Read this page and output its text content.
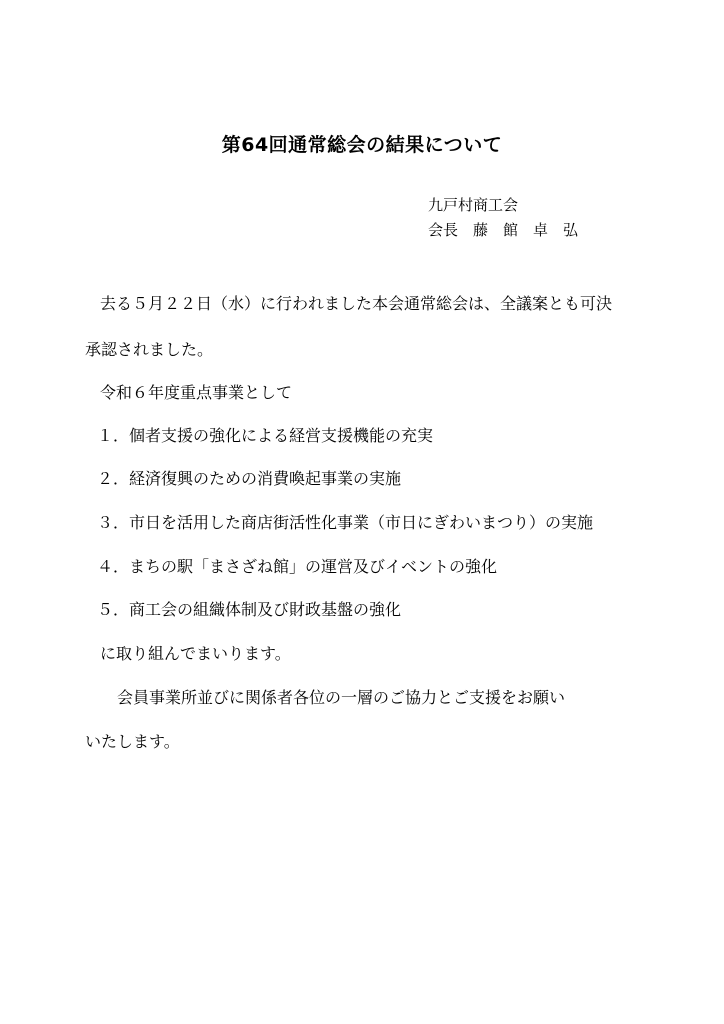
第64回通常総会の結果について
九戸村商工会
会長　藤　館　卓　弘
去る５月２２日（水）に行われました本会通常総会は、全議案とも可決
承認されました。
令和６年度重点事業として
１．個者支援の強化による経営支援機能の充実
２．経済復興のための消費喚起事業の実施
３．市日を活用した商店街活性化事業（市日にぎわいまつり）の実施
４．まちの駅「まさざね館」の運営及びイベントの強化
５．商工会の組織体制及び財政基盤の強化
に取り組んでまいります。
会員事業所並びに関係者各位の一層のご協力とご支援をお願い
いたします。
